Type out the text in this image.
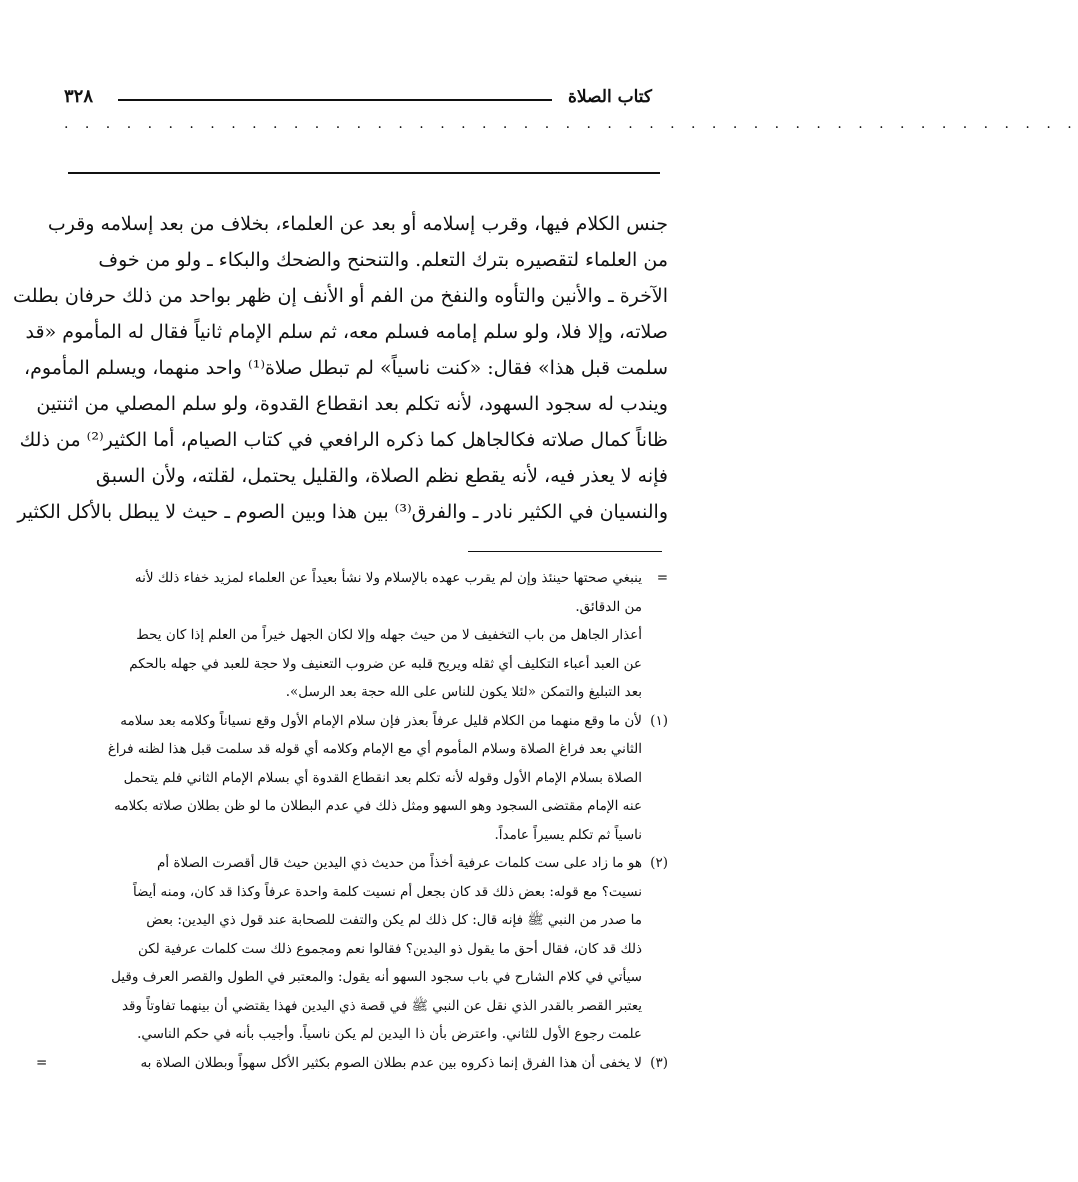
٣٢٨	كتاب الصلاة
. . . . . . . . . . . . . . . . . . . . . . . . . . . . . . . . . . . . . . . . . . . . . . . . .
جنس الكلام فيها، وقرب إسلامه أو بعد عن العلماء، بخلاف من بعد إسلامه وقرب
من العلماء لتقصيره بترك التعلم. والتنحنح والضحك والبكاء ـ ولو من خوف
الآخرة ـ والأنين والتأوه والنفخ من الفم أو الأنف إن ظهر بواحد من ذلك حرفان بطلت
صلاته، وإلا فلا، ولو سلم إمامه فسلم معه، ثم سلم الإمام ثانياً فقال له المأموم «قد
سلمت قبل هذا» فقال: «كنت ناسياً» لم تبطل صلاة⁽¹⁾ واحد منهما، ويسلم المأموم،
ويندب له سجود السهود، لأنه تكلم بعد انقطاع القدوة، ولو سلم المصلي من اثنتين
ظاناً كمال صلاته فكالجاهل كما ذكره الرافعي في كتاب الصيام، أما الكثير⁽²⁾ من ذلك
فإنه لا يعذر فيه، لأنه يقطع نظم الصلاة، والقليل يحتمل، لقلته، ولأن السبق
والنسيان في الكثير نادر ـ والفرق⁽³⁾ بين هذا وبين الصوم ـ حيث لا يبطل بالأكل الكثير
=
ينبغي صحتها حينئذ وإن لم يقرب عهده بالإسلام ولا نشأ بعيداً عن العلماء لمزيد خفاء ذلك لأنه
من الدقائق.
أعذار الجاهل من باب التخفيف لا من حيث جهله وإلا لكان الجهل خيراً من العلم إذا كان يحط
عن العبد أعباء التكليف أي ثقله ويريح قلبه عن ضروب التعنيف ولا حجة للعبد في جهله بالحكم
بعد التبليغ والتمكن «لئلا يكون للناس على الله حجة بعد الرسل».
(١)
لأن ما وقع منهما من الكلام قليل عرفاً بعذر فإن سلام الإمام الأول وقع نسياناً وكلامه بعد سلامه
الثاني بعد فراغ الصلاة وسلام المأموم أي مع الإمام وكلامه أي قوله قد سلمت قبل هذا لظنه فراغ
الصلاة بسلام الإمام الأول وقوله لأنه تكلم بعد انقطاع القدوة أي بسلام الإمام الثاني فلم يتحمل
عنه الإمام مقتضى السجود وهو السهو ومثل ذلك في عدم البطلان ما لو ظن بطلان صلاته بكلامه
ناسياً ثم تكلم يسيراً عامداً.
(٢)
هو ما زاد على ست كلمات عرفية أخذاً من حديث ذي اليدين حيث قال أقصرت الصلاة أم
نسيت؟ مع قوله: بعض ذلك قد كان بجعل أم نسيت كلمة واحدة عرفاً وكذا قد كان، ومنه أيضاً
ما صدر من النبي ﷺ فإنه قال: كل ذلك لم يكن والتفت للصحابة عند قول ذي اليدين: بعض
ذلك قد كان، فقال أحق ما يقول ذو اليدين؟ فقالوا نعم ومجموع ذلك ست كلمات عرفية لكن
سيأتي في كلام الشارح في باب سجود السهو أنه يقول: والمعتبر في الطول والقصر العرف وقيل
يعتبر القصر بالقدر الذي نقل عن النبي ﷺ في قصة ذي اليدين فهذا يقتضي أن بينهما تفاوتاً وقد
علمت رجوع الأول للثاني. واعترض بأن ذا اليدين لم يكن ناسياً. وأجيب بأنه في حكم الناسي.
(٣)
لا يخفى أن هذا الفرق إنما ذكروه بين عدم بطلان الصوم بكثير الأكل سهواً وبطلان الصلاة به
=
